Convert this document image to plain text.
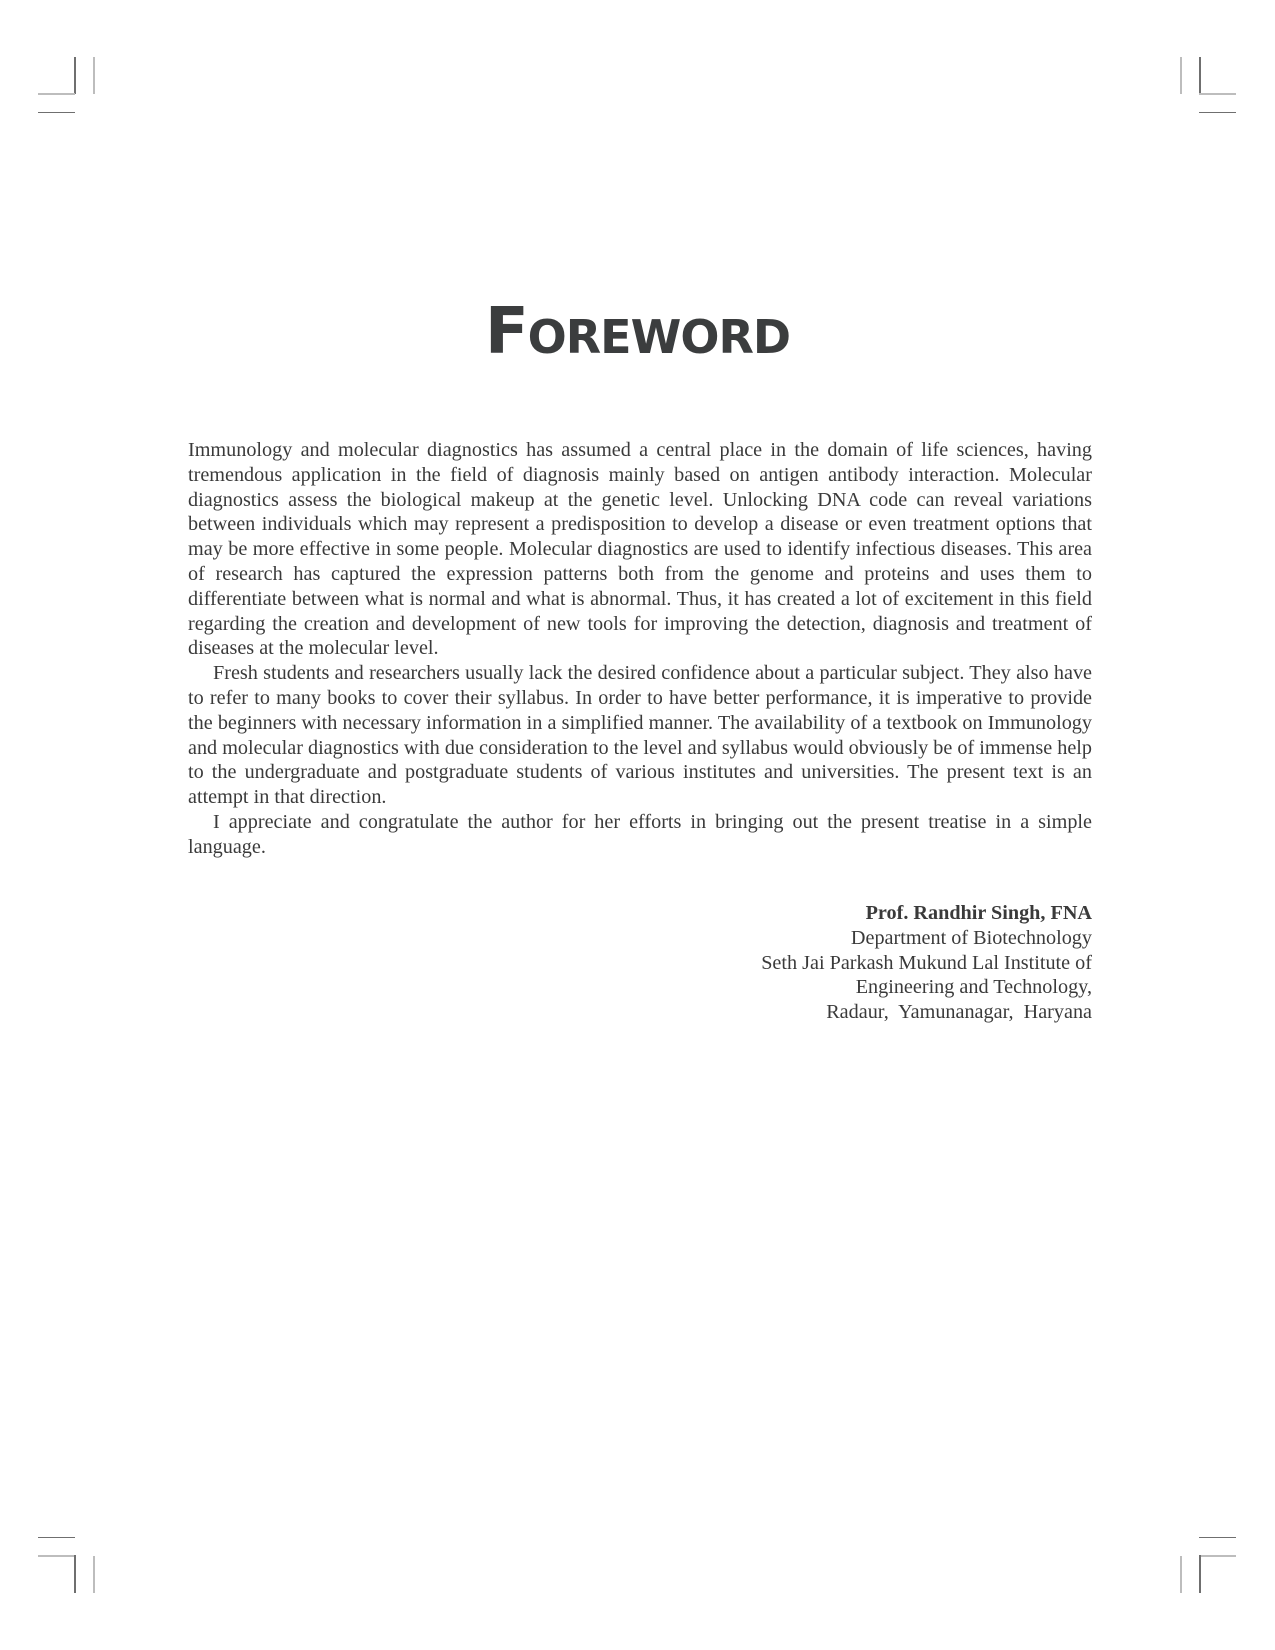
FOREWORD

Immunology and molecular diagnostics has assumed a central place in the domain of life sciences, having tremendous application in the field of diagnosis mainly based on antigen antibody interaction. Molecular diagnostics assess the biological makeup at the genetic level. Unlocking DNA code can reveal variations between individuals which may represent a predisposition to develop a disease or even treatment options that may be more effective in some people. Molecular diagnostics are used to identify infectious diseases. This area of research has captured the expression patterns both from the genome and proteins and uses them to differentiate between what is normal and what is abnormal. Thus, it has created a lot of excitement in this field regarding the creation and development of new tools for improving the detection, diagnosis and treatment of diseases at the molecular level.

Fresh students and researchers usually lack the desired confidence about a particular subject. They also have to refer to many books to cover their syllabus. In order to have better performance, it is imperative to provide the beginners with necessary information in a simplified manner. The availability of a textbook on Immunology and molecular diagnostics with due consideration to the level and syllabus would obviously be of immense help to the undergraduate and postgraduate students of various institutes and universities. The present text is an attempt in that direction.

I appreciate and congratulate the author for her efforts in bringing out the present treatise in a simple language.

Prof. Randhir Singh, FNA
Department of Biotechnology
Seth Jai Parkash Mukund Lal Institute of
Engineering and Technology,
Radaur,  Yamunanagar,  Haryana
